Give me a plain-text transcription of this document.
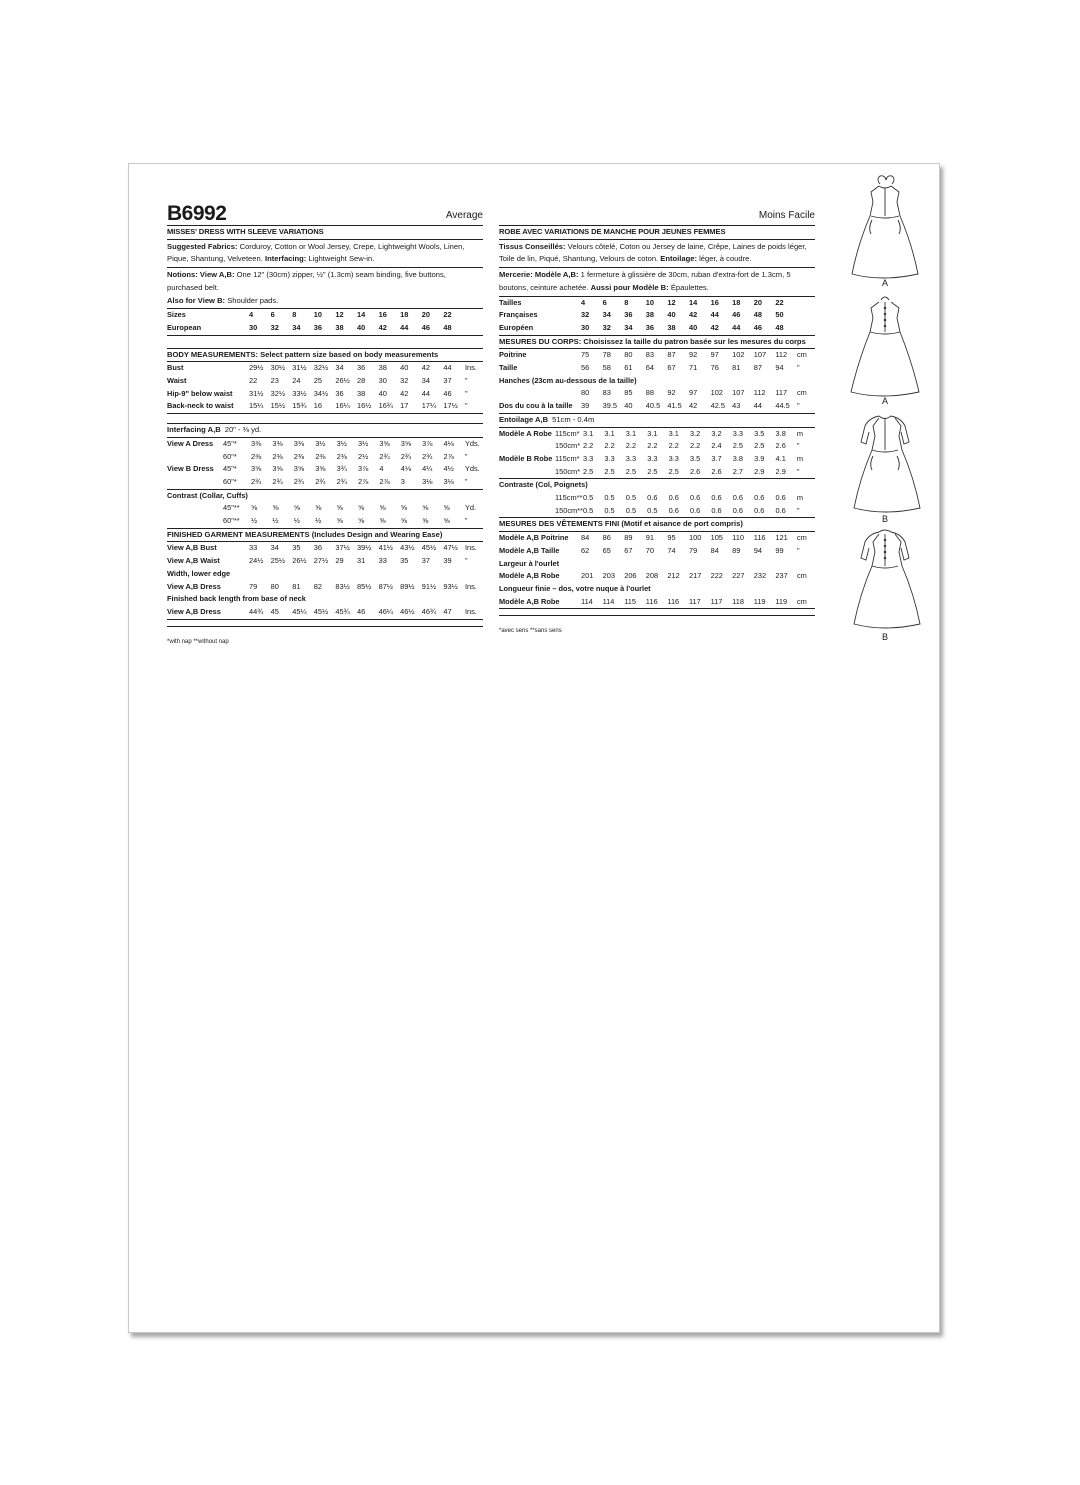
B6992	Average
MISSES' DRESS WITH SLEEVE VARIATIONS
Suggested Fabrics: Corduroy, Cotton or Wool Jersey, Crepe, Lightweight Wools, Linen, Pique, Shantung, Velveteen. Interfacing: Lightweight Sew-in.
Notions: View A,B: One 12" (30cm) zipper, ½" (1.3cm) seam binding, five buttons, purchased belt.
Also for View B: Shoulder pads.
Sizes	4	6	8	10	12	14	16	18	20	22	
European	30	32	34	36	38	40	42	44	46	48	
BODY MEASUREMENTS: Select pattern size based on body measurements
Bust	29½	30½	31½	32½	34	36	38	40	42	44	Ins.
Waist	22	23	24	25	26½	28	30	32	34	37	"
Hip-9" below waist	31½	32½	33½	34½	36	38	40	42	44	46	"
Back-neck to waist	15¼	15½	15¾	16	16¼	16½	16¾	17	17¼	17½	"
Interfacing A,B 20" - ⅜ yd.
View A Dress	45"*	3⅜	3⅜	3⅜	3½	3½	3½	3⅝	3⅝	3⅞	4⅛	Yds.
	60"*	2⅜	2⅜	2⅜	2⅜	2⅜	2½	2¾	2¾	2¾	2⅞	"
View B Dress	45"*	3⅝	3⅝	3⅝	3⅝	3¾	3⅞	4	4⅛	4¼	4½	Yds.
	60"*	2¾	2¾	2¾	2¾	2¾	2⅞	2⅞	3	3⅛	3⅛	"
Contrast (Collar, Cuffs)												
	45"**	⅝	⅝	⅝	⅝	⅝	⅝	⅝	⅝	⅝	⅝	Yd.
	60"**	½	½	½	½	⅝	⅝	⅝	⅝	⅝	⅝	"
FINISHED GARMENT MEASUREMENTS (Includes Design and Wearing Ease)
View A,B Bust	33	34	35	36	37½	39½	41½	43½	45½	47½	Ins.
View A,B Waist	24½	25½	26½	27½	29	31	33	35	37	39	"
Width, lower edge											
View A,B Dress	79	80	81	82	83½	85½	87½	89½	91½	93½	Ins.
Finished back length from base of neck											
View A,B Dress	44¾	45	45¼	45½	45¾	46	46¼	46½	46¾	47	Ins.
*with nap **without nap
Moins Facile
ROBE AVEC VARIATIONS DE MANCHE POUR JEUNES FEMMES
Tissus Conseillés: Velours côtelé, Coton ou Jersey de laine, Crêpe, Laines de poids léger, Toile de lin, Piqué, Shantung, Velours de coton. Entoilage: léger, à coudre.
Mercerie: Modèle A,B: 1 fermeture à glissière de 30cm, ruban d'extra-fort de 1.3cm, 5 boutons, ceinture achetée. Aussi pour Modèle B: Épaulettes.
Tailles	4	6	8	10	12	14	16	18	20	22	
Françaises	32	34	36	38	40	42	44	46	48	50	
Européen	30	32	34	36	38	40	42	44	46	48	
MESURES DU CORPS: Choisissez la taille du patron basée sur les mesures du corps
Poitrine	75	78	80	83	87	92	97	102	107	112	cm
Taille	56	58	61	64	67	71	76	81	87	94	"
Hanches (23cm au-dessous de la taille)											
	80	83	85	88	92	97	102	107	112	117	cm
Dos du cou à la taille	39	39.5	40	40.5	41.5	42	42.5	43	44	44.5	"
Entoilage A,B 51cm - 0.4m
Modèle A Robe	115cm*	3.1	3.1	3.1	3.1	3.1	3.2	3.2	3.3	3.5	3.8	m
	150cm*	2.2	2.2	2.2	2.2	2.2	2.2	2.4	2.5	2.5	2.6	"
Modèle B Robe	115cm*	3.3	3.3	3.3	3.3	3.3	3.5	3.7	3.8	3.9	4.1	m
	150cm*	2.5	2.5	2.5	2.5	2.5	2.6	2.6	2.7	2.9	2.9	"
Contraste (Col, Poignets)												
	115cm**	0.5	0.5	0.5	0.6	0.6	0.6	0.6	0.6	0.6	0.6	m
	150cm**	0.5	0.5	0.5	0.5	0.6	0.6	0.6	0.6	0.6	0.6	"
MESURES DES VÊTEMENTS FINI (Motif et aisance de port compris)
Modèle A,B Poitrine	84	86	89	91	95	100	105	110	116	121	cm
Modèle A,B Taille	62	65	67	70	74	79	84	89	94	99	"
Largeur à l'ourlet											
Modèle A,B Robe	201	203	206	208	212	217	222	227	232	237	cm
Longueur finie – dos, votre nuque à l'ourlet											
Modèle A,B Robe	114	114	115	116	116	117	117	118	119	119	cm
*avec sens **sans sens
A
A
B
B
